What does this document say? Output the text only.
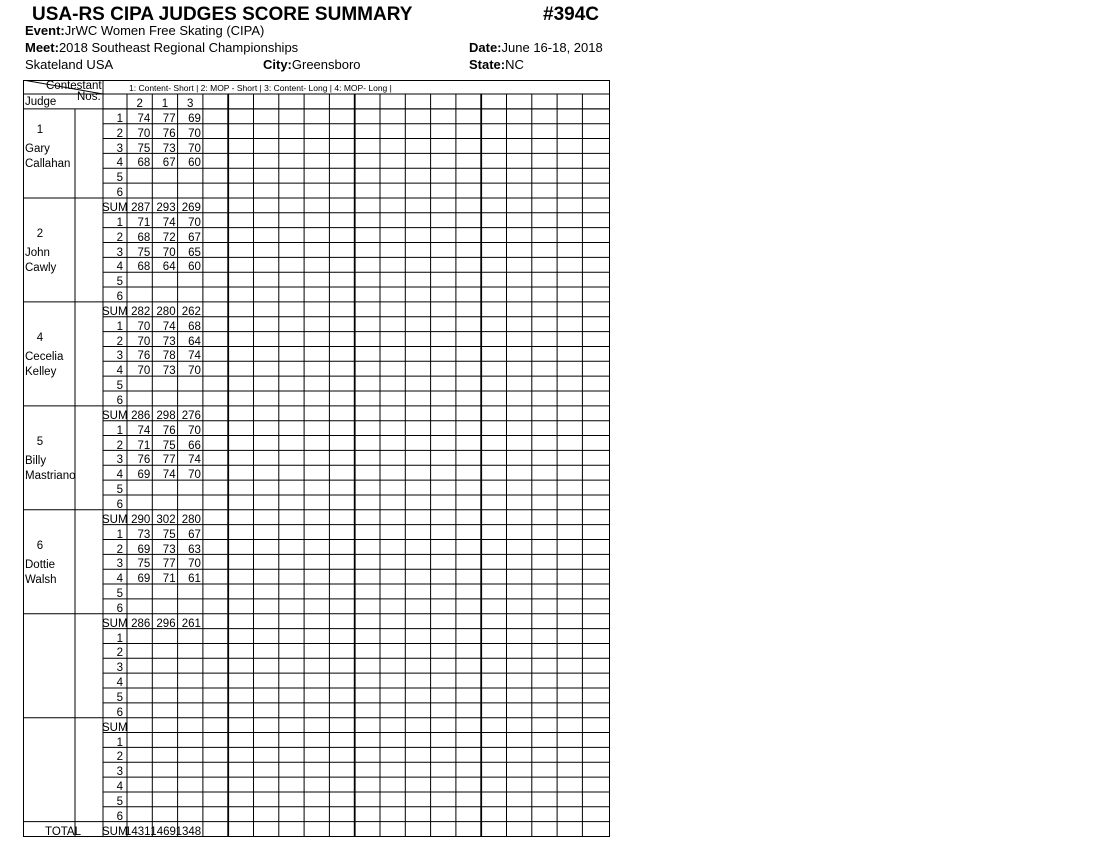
USA-RS CIPA JUDGES SCORE SUMMARY	#394C
Event:JrWC Women Free Skating (CIPA)
Meet:2018 Southeast Regional Championships	Date:June 16-18, 2018
Skateland USA	City:Greensboro	State:NC
Contestant
Nos.
Judge
1: Content- Short | 2: MOP - Short | 3: Content- Long | 4: MOP- Long |
2	1	3
1
Gary
Callahan
1	74	77	69
2	70	76	70
3	75	73	70
4	68	67	60
5
6
SUM 287 293 269
2
John
Cawly
1	71	74	70
2	68	72	67
3	75	70	65
4	68	64	60
5
6
SUM 282 280 262
4
Cecelia
Kelley
1	70	74	68
2	70	73	64
3	76	78	74
4	70	73	70
5
6
SUM 286 298 276
5
Billy
Mastriano
1	74	76	70
2	71	75	66
3	76	77	74
4	69	74	70
5
6
SUM 290 302 280
6
Dottie
Walsh
1	73	75	67
2	69	73	63
3	75	77	70
4	69	71	61
5
6
SUM 286 296 261
1
2
3
4
5
6
SUM
1
2
3
4
5
6
SUM
TOTAL	1431 1469 1348
